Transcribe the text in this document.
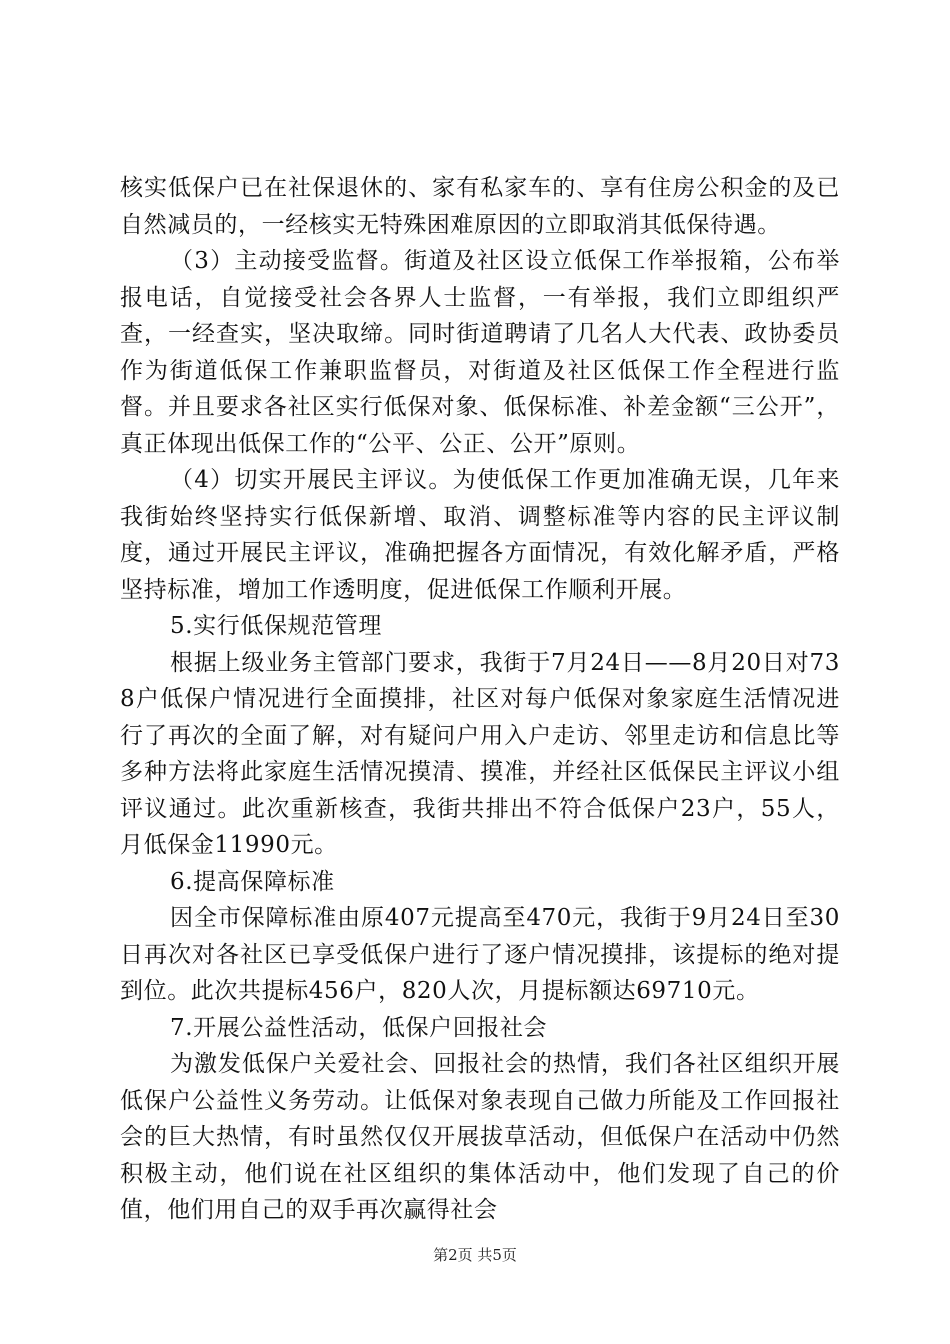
核实低保户已在社保退休的、家有私家车的、享有住房公积金的及已自然减员的，一经核实无特殊困难原因的立即取消其低保待遇。

（3）主动接受监督。街道及社区设立低保工作举报箱，公布举报电话，自觉接受社会各界人士监督，一有举报，我们立即组织严查，一经查实，坚决取缔。同时街道聘请了几名人大代表、政协委员作为街道低保工作兼职监督员，对街道及社区低保工作全程进行监督。并且要求各社区实行低保对象、低保标准、补差金额“三公开”，真正体现出低保工作的“公平、公正、公开”原则。

（4）切实开展民主评议。为使低保工作更加准确无误，几年来我街始终坚持实行低保新增、取消、调整标准等内容的民主评议制度，通过开展民主评议，准确把握各方面情况，有效化解矛盾，严格坚持标准，增加工作透明度，促进低保工作顺利开展。

5.实行低保规范管理

根据上级业务主管部门要求，我街于7月24日——8月20日对738户低保户情况进行全面摸排，社区对每户低保对象家庭生活情况进行了再次的全面了解，对有疑问户用入户走访、邻里走访和信息比等多种方法将此家庭生活情况摸清、摸准，并经社区低保民主评议小组评议通过。此次重新核查，我街共排出不符合低保户23户，55人，月低保金11990元。

6.提高保障标准

因全市保障标准由原407元提高至470元，我街于9月24日至30日再次对各社区已享受低保户进行了逐户情况摸排，该提标的绝对提到位。此次共提标456户，820人次，月提标额达69710元。

7.开展公益性活动，低保户回报社会

为激发低保户关爱社会、回报社会的热情，我们各社区组织开展低保户公益性义务劳动。让低保对象表现自己做力所能及工作回报社会的巨大热情，有时虽然仅仅开展拔草活动，但低保户在活动中仍然积极主动，他们说在社区组织的集体活动中，他们发现了自己的价值，他们用自己的双手再次赢得社会

第2页 共5页
